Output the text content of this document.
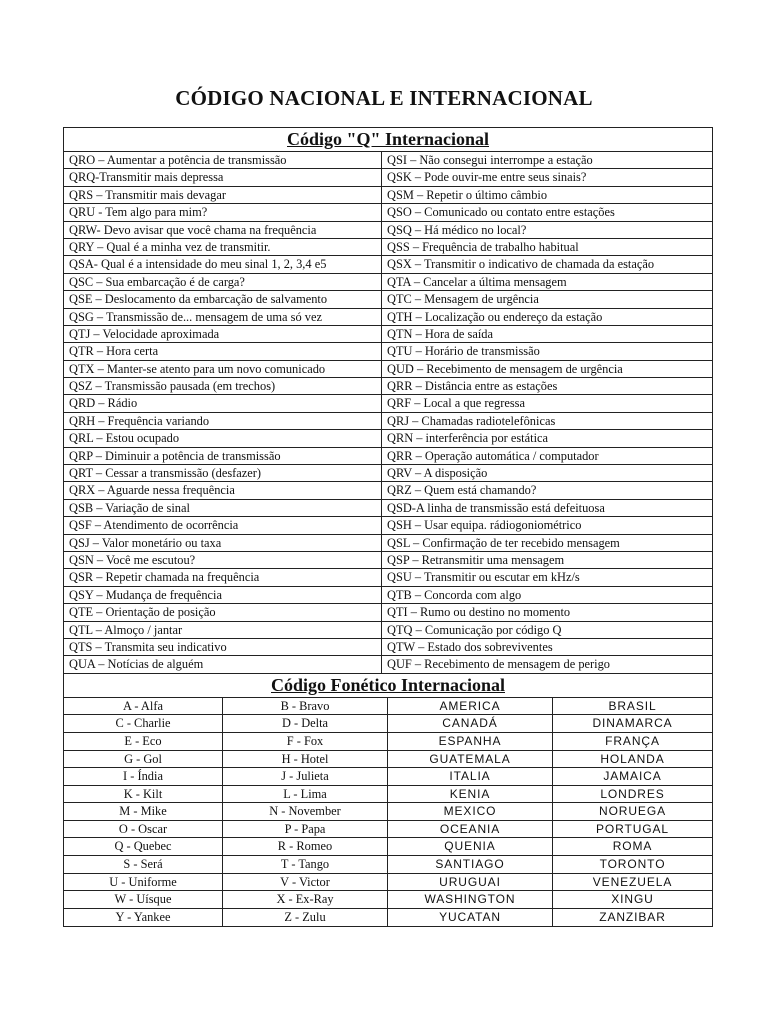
CÓDIGO NACIONAL E INTERNACIONAL
Código "Q" Internacional
QRO – Aumentar a potência de transmissão	QSI – Não consegui interrompe a estação
QRQ-Transmitir mais depressa	QSK – Pode ouvir-me entre seus sinais?
QRS – Transmitir mais devagar	QSM – Repetir o último câmbio
QRU - Tem algo para mim?	QSO – Comunicado ou contato entre estações
QRW- Devo avisar que você chama na frequência	QSQ – Há médico no local?
QRY – Qual é a minha vez de transmitir.	QSS – Frequência de trabalho habitual
QSA- Qual é a intensidade do meu sinal 1, 2, 3,4 e5	QSX – Transmitir o indicativo de chamada da estação
QSC – Sua embarcação é de carga?	QTA – Cancelar a última mensagem
QSE – Deslocamento da embarcação de salvamento	QTC – Mensagem de urgência
QSG – Transmissão de... mensagem de uma só vez	QTH – Localização ou endereço da estação
QTJ – Velocidade aproximada	QTN – Hora de saída
QTR – Hora certa	QTU – Horário de transmissão
QTX – Manter-se atento para um novo comunicado	QUD – Recebimento de mensagem de urgência
QSZ – Transmissão pausada (em trechos)	QRR – Distância entre as estações
QRD – Rádio	QRF – Local a que regressa
QRH – Frequência variando	QRJ – Chamadas radiotelefônicas
QRL – Estou ocupado	QRN – interferência por estática
QRP – Diminuir a potência de transmissão	QRR – Operação automática / computador
QRT – Cessar a transmissão (desfazer)	QRV – A disposição
QRX – Aguarde nessa frequência	QRZ – Quem está chamando?
QSB – Variação de sinal	QSD-A linha de transmissão está defeituosa
QSF – Atendimento de ocorrência	QSH – Usar equipa. rádiogoniométrico
QSJ – Valor monetário ou taxa	QSL – Confirmação de ter recebido mensagem
QSN – Você me escutou?	QSP – Retransmitir uma mensagem
QSR – Repetir chamada na frequência	QSU – Transmitir ou escutar em kHz/s
QSY – Mudança de frequência	QTB – Concorda com algo
QTE – Orientação de posição	QTI – Rumo ou destino no momento
QTL – Almoço / jantar	QTQ – Comunicação por código Q
QTS – Transmita seu indicativo	QTW – Estado dos sobreviventes
QUA – Notícias de alguém	QUF – Recebimento de mensagem de perigo
Código Fonético Internacional
A - Alfa	B - Bravo	AMERICA	BRASIL
C - Charlie	D - Delta	CANADÁ	DINAMARCA
E - Eco	F - Fox	ESPANHA	FRANÇA
G - Gol	H - Hotel	GUATEMALA	HOLANDA
I - Índia	J - Julieta	ITALIA	JAMAICA
K - Kilt	L - Lima	KENIA	LONDRES
M - Mike	N - November	MEXICO	NORUEGA
O - Oscar	P - Papa	OCEANIA	PORTUGAL
Q - Quebec	R - Romeo	QUENIA	ROMA
S - Será	T - Tango	SANTIAGO	TORONTO
U - Uniforme	V - Victor	URUGUAI	VENEZUELA
W - Uísque	X - Ex-Ray	WASHINGTON	XINGU
Y - Yankee	Z - Zulu	YUCATAN	ZANZIBAR
